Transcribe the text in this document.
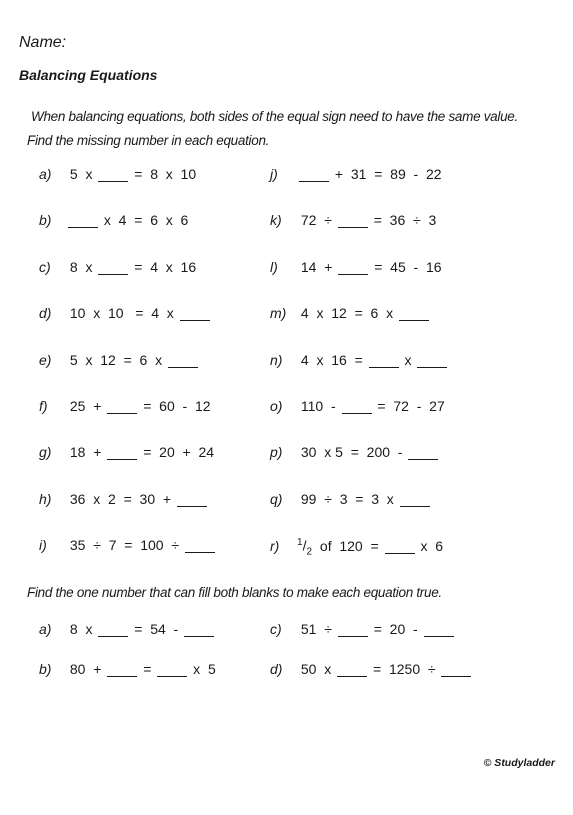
Name:
Balancing Equations
When balancing equations, both sides of the equal sign need to have the same value.
Find the missing number in each equation.
a)	5  x =  8  x  10
b)	x  4  =  6  x  6
c)	8  x =  4  x  16
d)	10  x  10   =  4  x
e)	5  x  12  =  6  x
f)	25  + =  60  -  12
g)	18  + =  20  +  24
h)	36  x  2  =  30  +
i)	35  ÷  7  =  100  ÷
j)	+  31  =  89  -  22
k)	72  ÷ =  36  ÷  3
l)	14  + =  45  -  16
m) 4  x  12  =  6  x
n)	4  x  16  = x
o)	110  - =  72  -  27
p)	30  x 5  =  200  -
q)	99  ÷  3  =  3  x
r)	$^1/_2$ of  120  = x  6
Find the one number that can fill both blanks to make each equation true.
a)	8  x =  54  -
b)	80  + = x  5
c)	51  ÷ =  20  -
d)	50  x =  1250  ÷
© Studyladder
